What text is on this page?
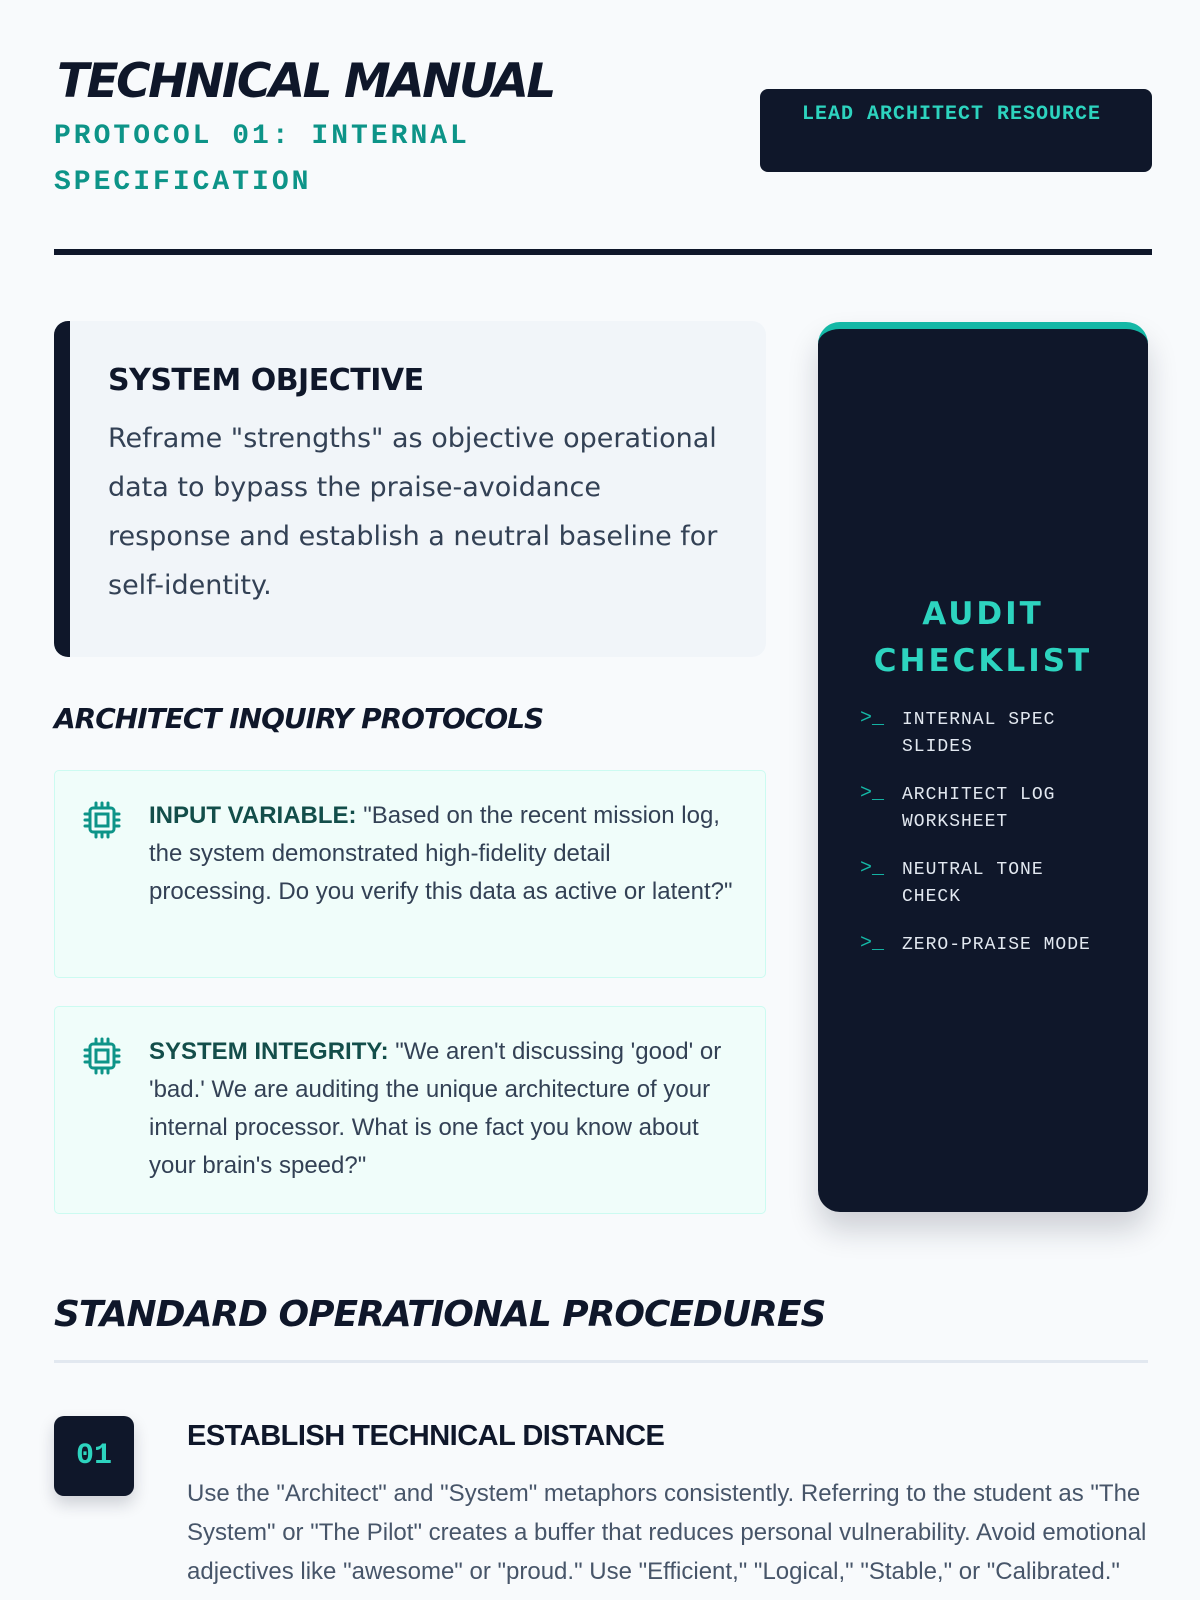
TECHNICAL MANUAL
PROTOCOL 01: INTERNAL SPECIFICATION
LEAD ARCHITECT RESOURCE
SYSTEM OBJECTIVE
Reframe "strengths" as objective operational data to bypass the praise-avoidance response and establish a neutral baseline for self-identity.
ARCHITECT INQUIRY PROTOCOLS
INPUT VARIABLE: "Based on the recent mission log, the system demonstrated high-fidelity detail processing. Do you verify this data as active or latent?"
SYSTEM INTEGRITY: "We aren't discussing 'good' or 'bad.' We are auditing the unique architecture of your internal processor. What is one fact you know about your brain's speed?"
AUDIT CHECKLIST
>_ INTERNAL SPEC SLIDES
>_ ARCHITECT LOG WORKSHEET
>_ NEUTRAL TONE CHECK
>_ ZERO-PRAISE MODE
STANDARD OPERATIONAL PROCEDURES
01
ESTABLISH TECHNICAL DISTANCE
Use the "Architect" and "System" metaphors consistently. Referring to the student as "The System" or "The Pilot" creates a buffer that reduces personal vulnerability. Avoid emotional adjectives like "awesome" or "proud." Use "Efficient," "Logical," "Stable," or "Calibrated."
